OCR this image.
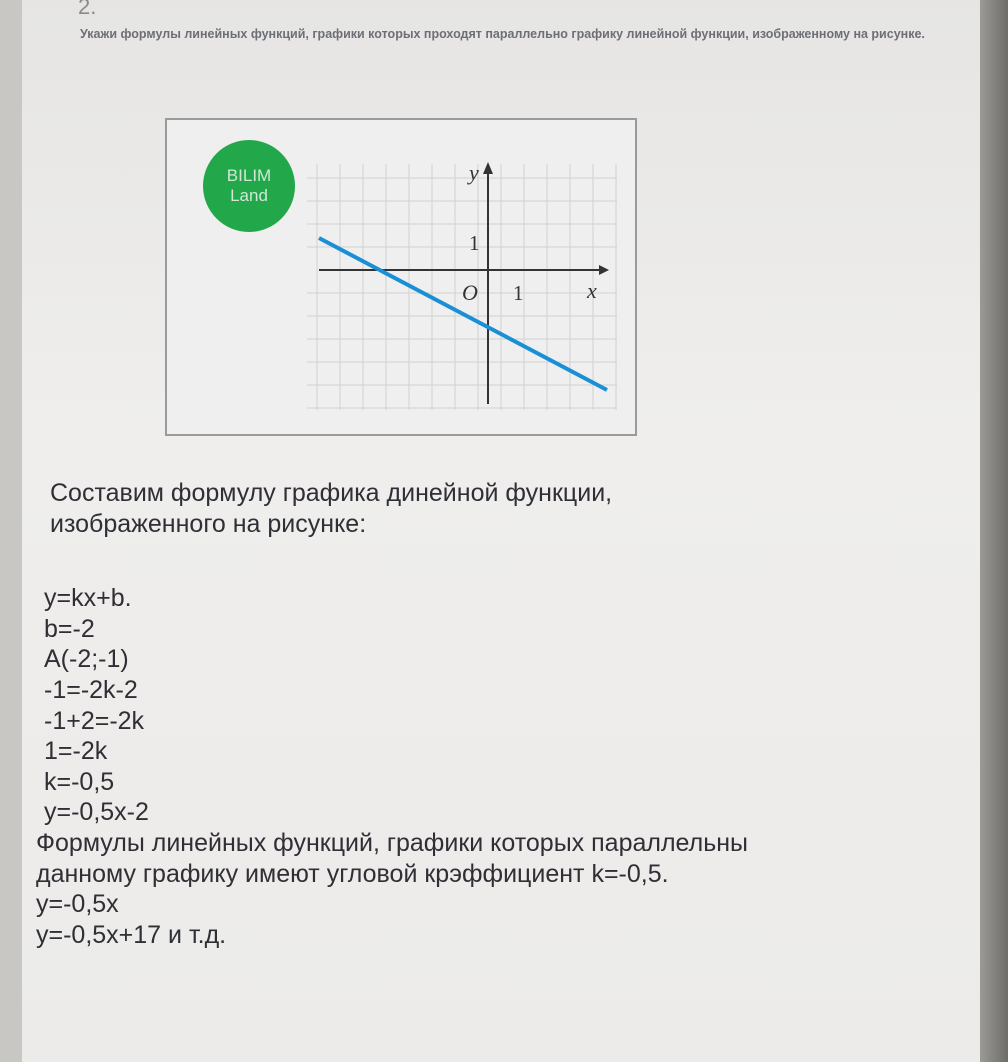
2.
Укажи формулы линейных функций, графики которых проходят параллельно графику линейной функции, изображенному на рисунке.
y
1
O 1	x
BILIM
Land
Составим формулу графика динейной функции,
изображенного на рисунке:
y=kx+b.
b=-2
A(-2;-1)
-1=-2k-2
-1+2=-2k
1=-2k
k=-0,5
y=-0,5x-2
Формулы линейных функций, графики которых параллельны
данному графику имеют угловой крэффициент k=-0,5.
y=-0,5x
y=-0,5x+17 и т.д.
